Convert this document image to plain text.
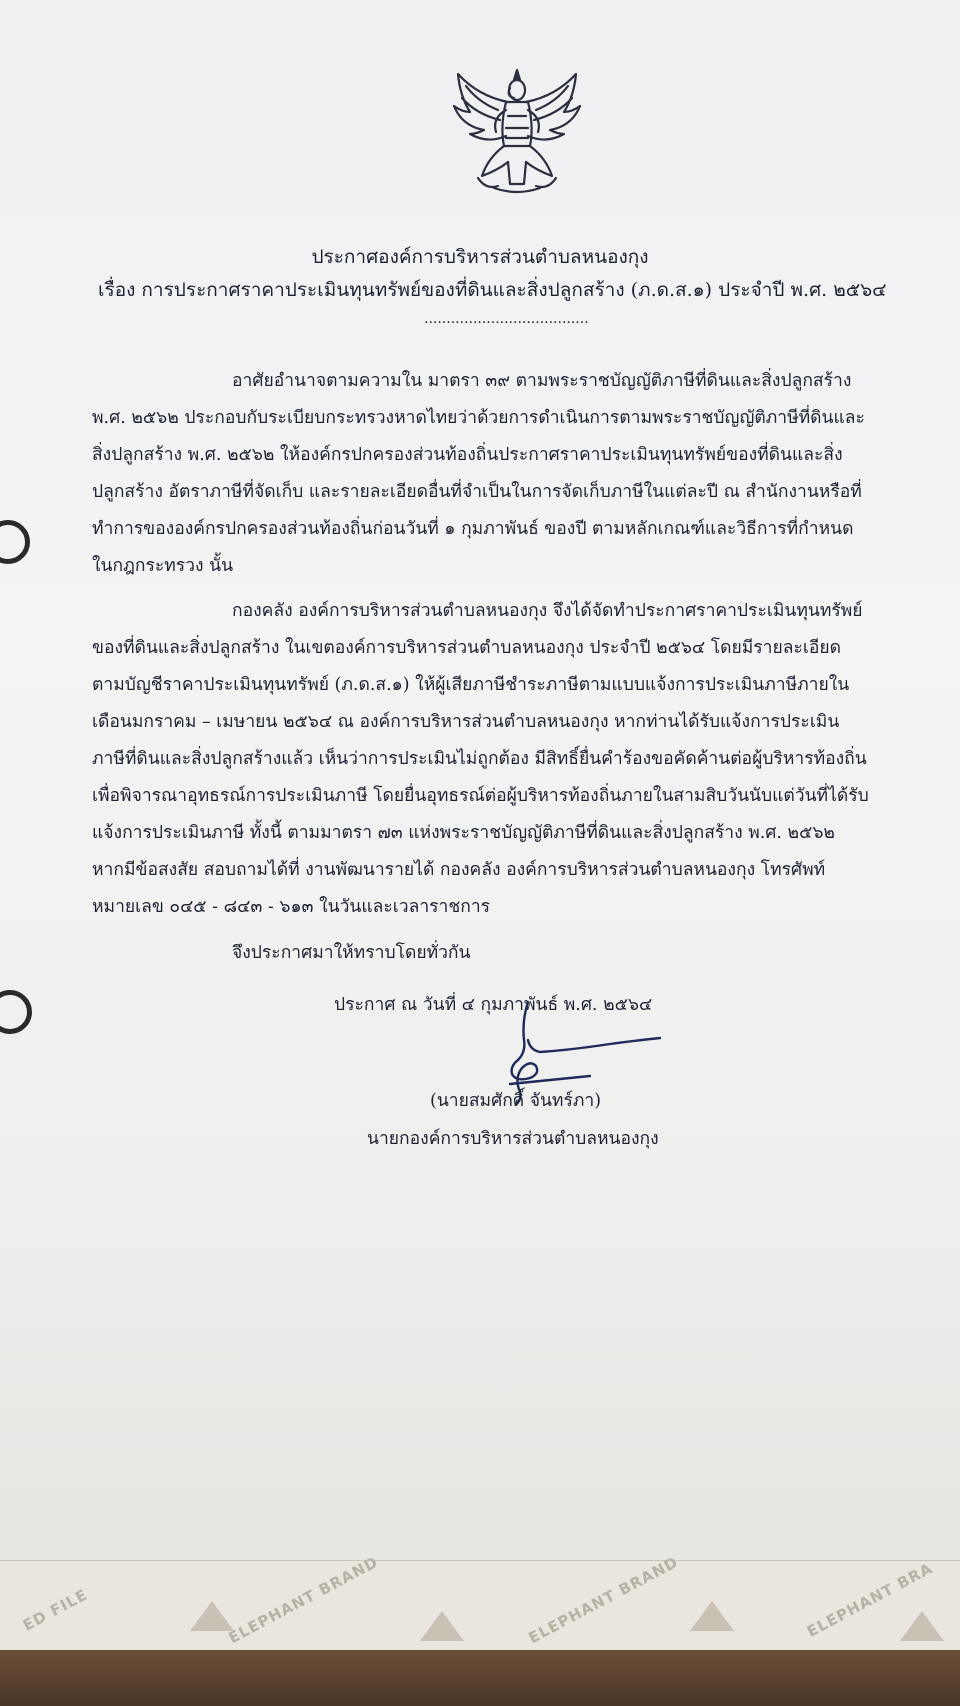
ประกาศองค์การบริหารส่วนตำบลหนองกุง
เรื่อง การประกาศราคาประเมินทุนทรัพย์ของที่ดินและสิ่งปลูกสร้าง (ภ.ด.ส.๑) ประจำปี พ.ศ. ๒๕๖๔
.....................................
อาศัยอำนาจตามความใน มาตรา ๓๙ ตามพระราชบัญญัติภาษีที่ดินและสิ่งปลูกสร้าง
พ.ศ. ๒๕๖๒ ประกอบกับระเบียบกระทรวงหาดไทยว่าด้วยการดำเนินการตามพระราชบัญญัติภาษีที่ดินและ
สิ่งปลูกสร้าง พ.ศ. ๒๕๖๒ ให้องค์กรปกครองส่วนท้องถิ่นประกาศราคาประเมินทุนทรัพย์ของที่ดินและสิ่ง
ปลูกสร้าง อัตราภาษีที่จัดเก็บ และรายละเอียดอื่นที่จำเป็นในการจัดเก็บภาษีในแต่ละปี ณ สำนักงานหรือที่
ทำการขององค์กรปกครองส่วนท้องถิ่นก่อนวันที่ ๑ กุมภาพันธ์ ของปี ตามหลักเกณฑ์และวิธีการที่กำหนด
ในกฎกระทรวง นั้น
กองคลัง องค์การบริหารส่วนตำบลหนองกุง จึงได้จัดทำประกาศราคาประเมินทุนทรัพย์
ของที่ดินและสิ่งปลูกสร้าง ในเขตองค์การบริหารส่วนตำบลหนองกุง ประจำปี ๒๕๖๔ โดยมีรายละเอียด
ตามบัญชีราคาประเมินทุนทรัพย์ (ภ.ด.ส.๑) ให้ผู้เสียภาษีชำระภาษีตามแบบแจ้งการประเมินภาษีภายใน
เดือนมกราคม – เมษายน ๒๕๖๔ ณ องค์การบริหารส่วนตำบลหนองกุง หากท่านได้รับแจ้งการประเมิน
ภาษีที่ดินและสิ่งปลูกสร้างแล้ว เห็นว่าการประเมินไม่ถูกต้อง มีสิทธิ์ยื่นคำร้องขอคัดค้านต่อผู้บริหารท้องถิ่น
เพื่อพิจารณาอุทธรณ์การประเมินภาษี โดยยื่นอุทธรณ์ต่อผู้บริหารท้องถิ่นภายในสามสิบวันนับแต่วันที่ได้รับ
แจ้งการประเมินภาษี ทั้งนี้ ตามมาตรา ๗๓ แห่งพระราชบัญญัติภาษีที่ดินและสิ่งปลูกสร้าง พ.ศ. ๒๕๖๒
หากมีข้อสงสัย สอบถามได้ที่ งานพัฒนารายได้ กองคลัง องค์การบริหารส่วนตำบลหนองกุง โทรศัพท์
หมายเลข ๐๔๕ - ๘๔๓ - ๖๑๓ ในวันและเวลาราชการ
จึงประกาศมาให้ทราบโดยทั่วกัน
ประกาศ ณ วันที่ ๔ กุมภาพันธ์ พ.ศ. ๒๕๖๔
(นายสมศักดิ์ จันทร์ภา)
นายกองค์การบริหารส่วนตำบลหนองกุง
ED FILE	ELEPHANT BRAND	ELEPHANT BRAND	ELEPHANT BRA
